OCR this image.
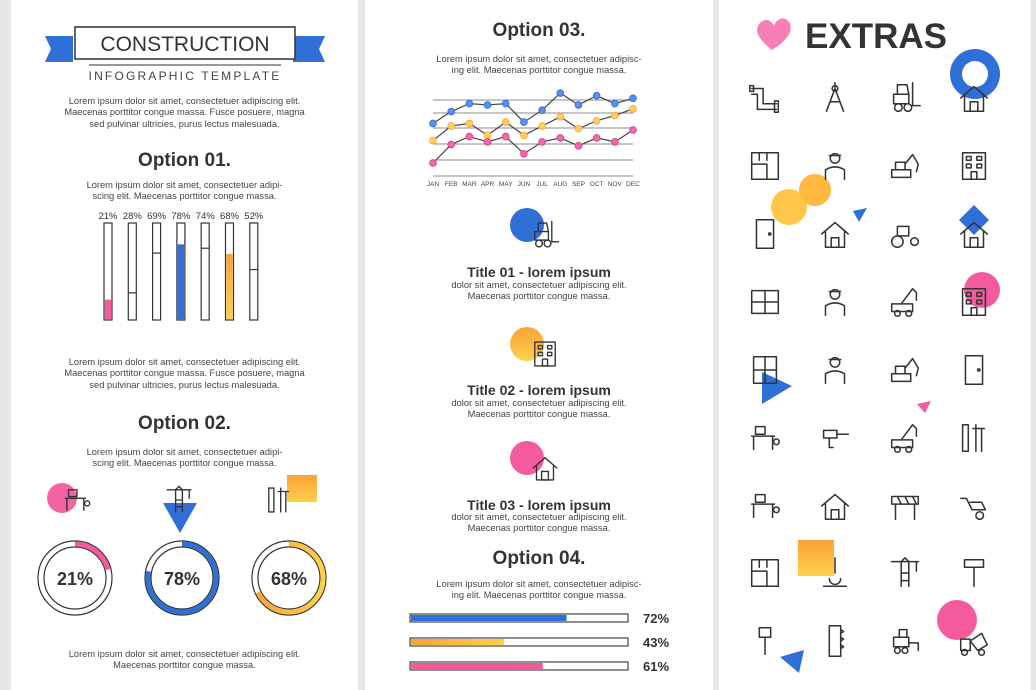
CONSTRUCTION
INFOGRAPHIC TEMPLATE
21% 28% 69% 78% 74% 68% 52%
21%	78%	68%
Lorem ipsum dolor sit amet, consectetuer adipiscing elit.
Maecenas porttitor congue massa. Fusce posuere, magna
sed pulvinar ultricies, purus lectus malesuada.
Option 01.
Lorem ipsum dolor sit amet, consectetuer adipi-
scing elit. Maecenas porttitor congue massa.
Lorem ipsum dolor sit amet, consectetuer adipiscing elit.
Maecenas porttitor congue massa. Fusce posuere, magna
sed pulvinar ultricies, purus lectus malesuada.
Option 02.
Lorem ipsum dolor sit amet, consectetuer adipi-
scing elit. Maecenas porttitor congue massa.
Lorem ipsum dolor sit amet, consectetuer adipiscing elit.
Maecenas porttitor congue massa.
JAN FEB MAR APR MAY JUN JUL AUG SEP OCT NOV DEC
72%
43%
61%
Option 03.
Lorem ipsum dolor sit amet, consectetuer adipisc-
ing elit. Maecenas porttitor congue massa.
Title 01 - lorem ipsum
dolor sit amet, consectetuer adipiscing elit.
Maecenas porttitor congue massa.
Title 02 - lorem ipsum
dolor sit amet, consectetuer adipiscing elit.
Maecenas porttitor congue massa.
Title 03 - lorem ipsum
dolor sit amet, consectetuer adipiscing elit.
Maecenas porttitor congue massa.
Option 04.
Lorem ipsum dolor sit amet, consectetuer adipisc-
ing elit. Maecenas porttitor congue massa.
EXTRAS
